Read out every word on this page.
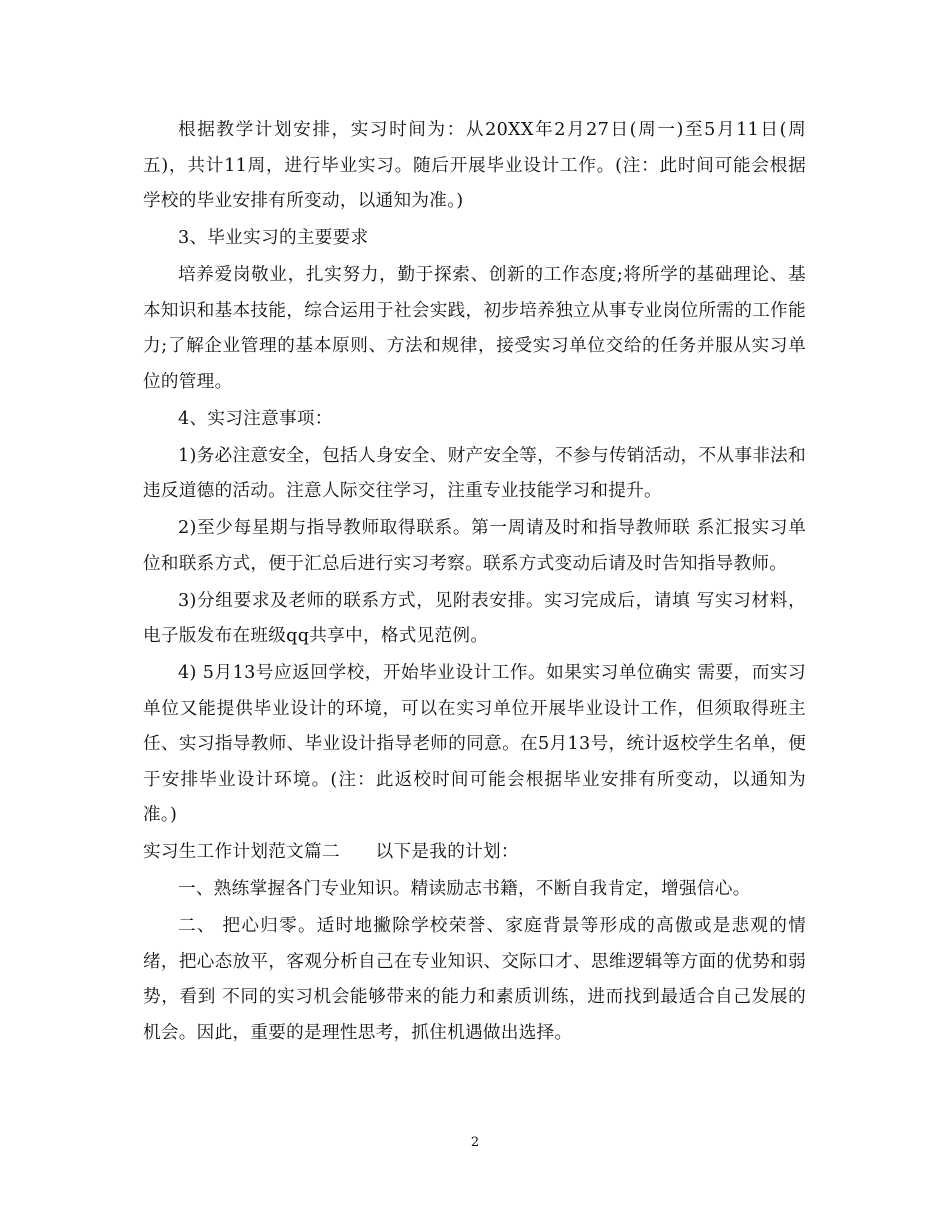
根据教学计划安排，实习时间为：从20XX年2月27日(周一)至5月11日(周五)，共计11周，进行毕业实习。随后开展毕业设计工作。(注：此时间可能会根据学校的毕业安排有所变动，以通知为准。)

3、毕业实习的主要要求

培养爱岗敬业，扎实努力，勤于探索、创新的工作态度;将所学的基础理论、基本知识和基本技能，综合运用于社会实践，初步培养独立从事专业岗位所需的工作能力;了解企业管理的基本原则、方法和规律，接受实习单位交给的任务并服从实习单位的管理。

4、实习注意事项：

1)务必注意安全，包括人身安全、财产安全等，不参与传销活动，不从事非法和违反道德的活动。注意人际交往学习，注重专业技能学习和提升。

2)至少每星期与指导教师取得联系。第一周请及时和指导教师联 系汇报实习单位和联系方式，便于汇总后进行实习考察。联系方式变动后请及时告知指导教师。

3)分组要求及老师的联系方式，见附表安排。实习完成后，请填 写实习材料，电子版发布在班级qq共享中，格式见范例。

4) 5月13号应返回学校，开始毕业设计工作。如果实习单位确实 需要，而实习单位又能提供毕业设计的环境，可以在实习单位开展毕业设计工作，但须取得班主任、实习指导教师、毕业设计指导老师的同意。在5月13号，统计返校学生名单，便于安排毕业设计环境。(注：此返校时间可能会根据毕业安排有所变动，以通知为准。)

实习生工作计划范文篇二　　以下是我的计划：

一、熟练掌握各门专业知识。精读励志书籍，不断自我肯定，增强信心。

二、 把心归零。适时地撇除学校荣誉、家庭背景等形成的高傲或是悲观的情绪，把心态放平，客观分析自己在专业知识、交际口才、思维逻辑等方面的优势和弱势，看到 不同的实习机会能够带来的能力和素质训练，进而找到最适合自己发展的机会。因此，重要的是理性思考，抓住机遇做出选择。

2
